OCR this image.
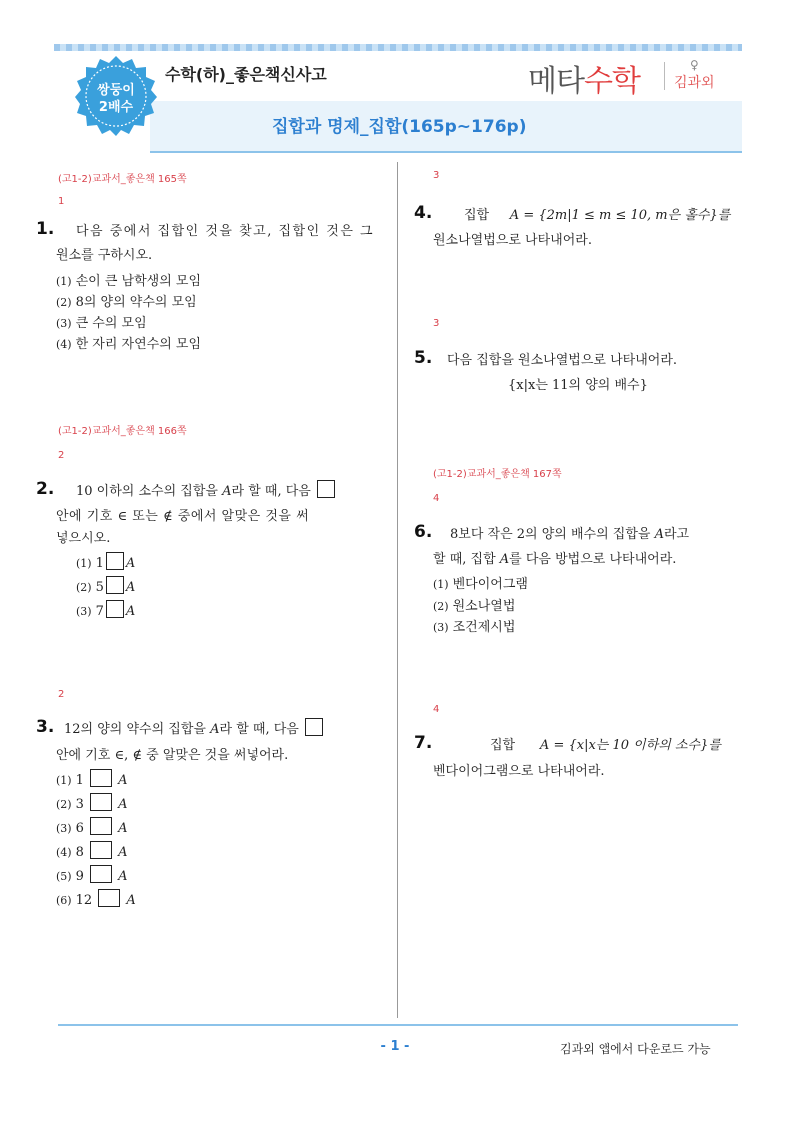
쌍둥이
2배수
수학(하)_좋은책신사고
집합과 명제_집합(165p~176p)
메타수학	♀
김과외
(고1-2)교과서_좋은책 165쪽
1
1. 다음 중에서 집합인 것을 찾고, 집합인 것은 그
원소를 구하시오.
(1) 손이 큰 남학생의 모임
(2) 8의 양의 약수의 모임
(3) 큰 수의 모임
(4) 한 자리 자연수의 모임
(고1-2)교과서_좋은책 166쪽
2
2. 10 이하의 소수의 집합을 A라 할 때, 다음
안에 기호 ∈ 또는 ∉ 중에서 알맞은 것을 써
넣으시오.
(1) 1 A
(2) 5 A
(3) 7 A
2
3. 12의 양의 약수의 집합을 A라 할 때, 다음
안에 기호 ∈, ∉ 중 알맞은 것을 써넣어라.
(1) 1	A
(2) 3	A
(3) 6	A
(4) 8	A
(5) 9	A
(6) 12	A
3
4. 집합 A = {2m|1 ≤ m ≤ 10, m은 홀수}를
원소나열법으로 나타내어라.
3
5. 다음 집합을 원소나열법으로 나타내어라.
{x|x는 11의 양의 배수}
(고1-2)교과서_좋은책 167쪽
4
6. 8보다 작은 2의 양의 배수의 집합을 A라고
할 때, 집합 A를 다음 방법으로 나타내어라.
(1) 벤다이어그램
(2) 원소나열법
(3) 조건제시법
4
7.	집합 A = {x|x는 10 이하의 소수}를
벤다이어그램으로 나타내어라.
- 1 -	김과외 앱에서 다운로드 가능
